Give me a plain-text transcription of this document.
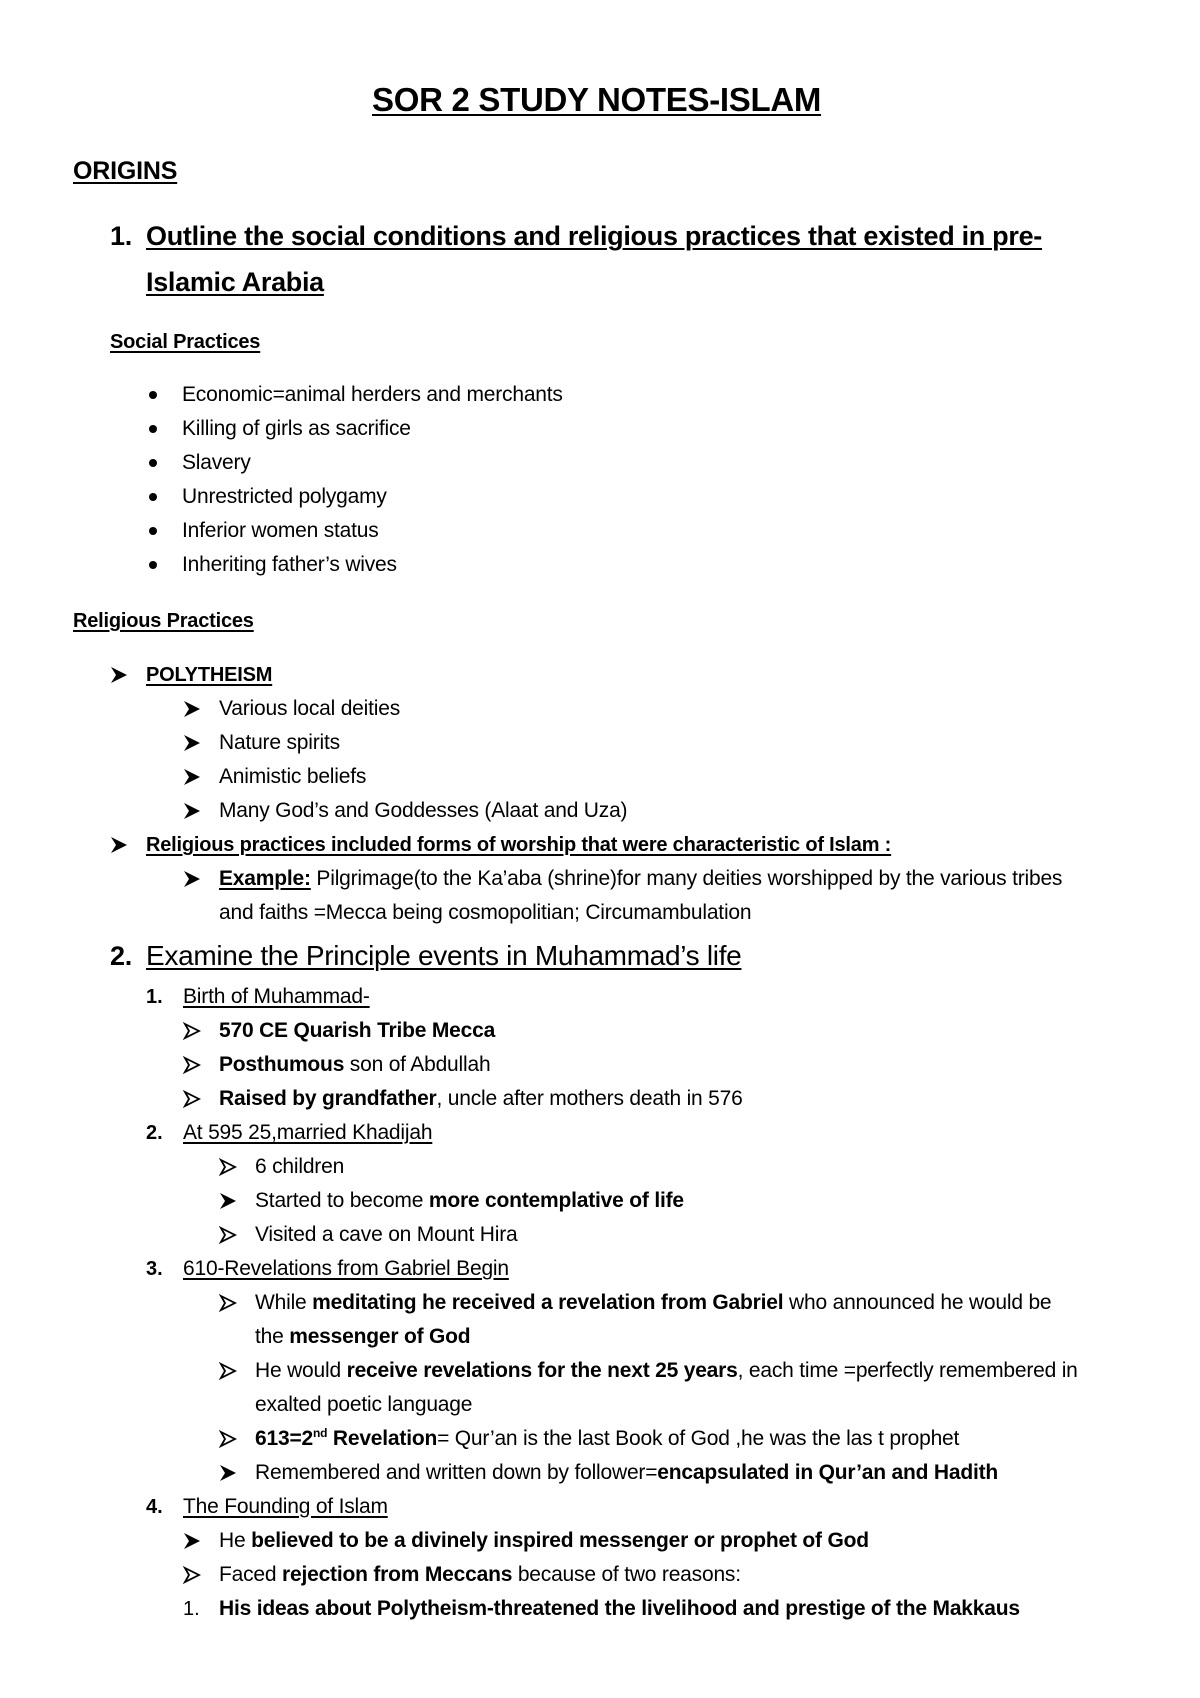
SOR 2 STUDY NOTES-ISLAM
ORIGINS
1. Outline the social conditions and religious practices that existed in pre-
Islamic Arabia
Social Practices
Economic=animal herders and merchants
Killing of girls as sacrifice
Slavery
Unrestricted polygamy
Inferior women status
Inheriting father’s wives
Religious Practices
POLYTHEISM
Various local deities
Nature spirits
Animistic beliefs
Many God’s and Goddesses (Alaat and Uza)
Religious practices included forms of worship that were characteristic of Islam :
Example: Pilgrimage(to the Ka’aba (shrine)for many deities worshipped by the various tribes
and faiths =Mecca being cosmopolitian; Circumambulation
2. Examine the Principle events in Muhammad’s life
1. Birth of Muhammad-
570 CE Quarish Tribe Mecca
Posthumous son of Abdullah
Raised by grandfather, uncle after mothers death in 576
2. At 595 25,married Khadijah
6 children
Started to become more contemplative of life
Visited a cave on Mount Hira
3. 610-Revelations from Gabriel Begin
While meditating he received a revelation from Gabriel who announced he would be
the messenger of God
He would receive revelations for the next 25 years, each time =perfectly remembered in
exalted poetic language
613=2nd Revelation= Qur’an is the last Book of God ,he was the las t prophet
Remembered and written down by follower=encapsulated in Qur’an and Hadith
4. The Founding of Islam
He believed to be a divinely inspired messenger or prophet of God
Faced rejection from Meccans because of two reasons:
1. His ideas about Polytheism-threatened the livelihood and prestige of the Makkaus
